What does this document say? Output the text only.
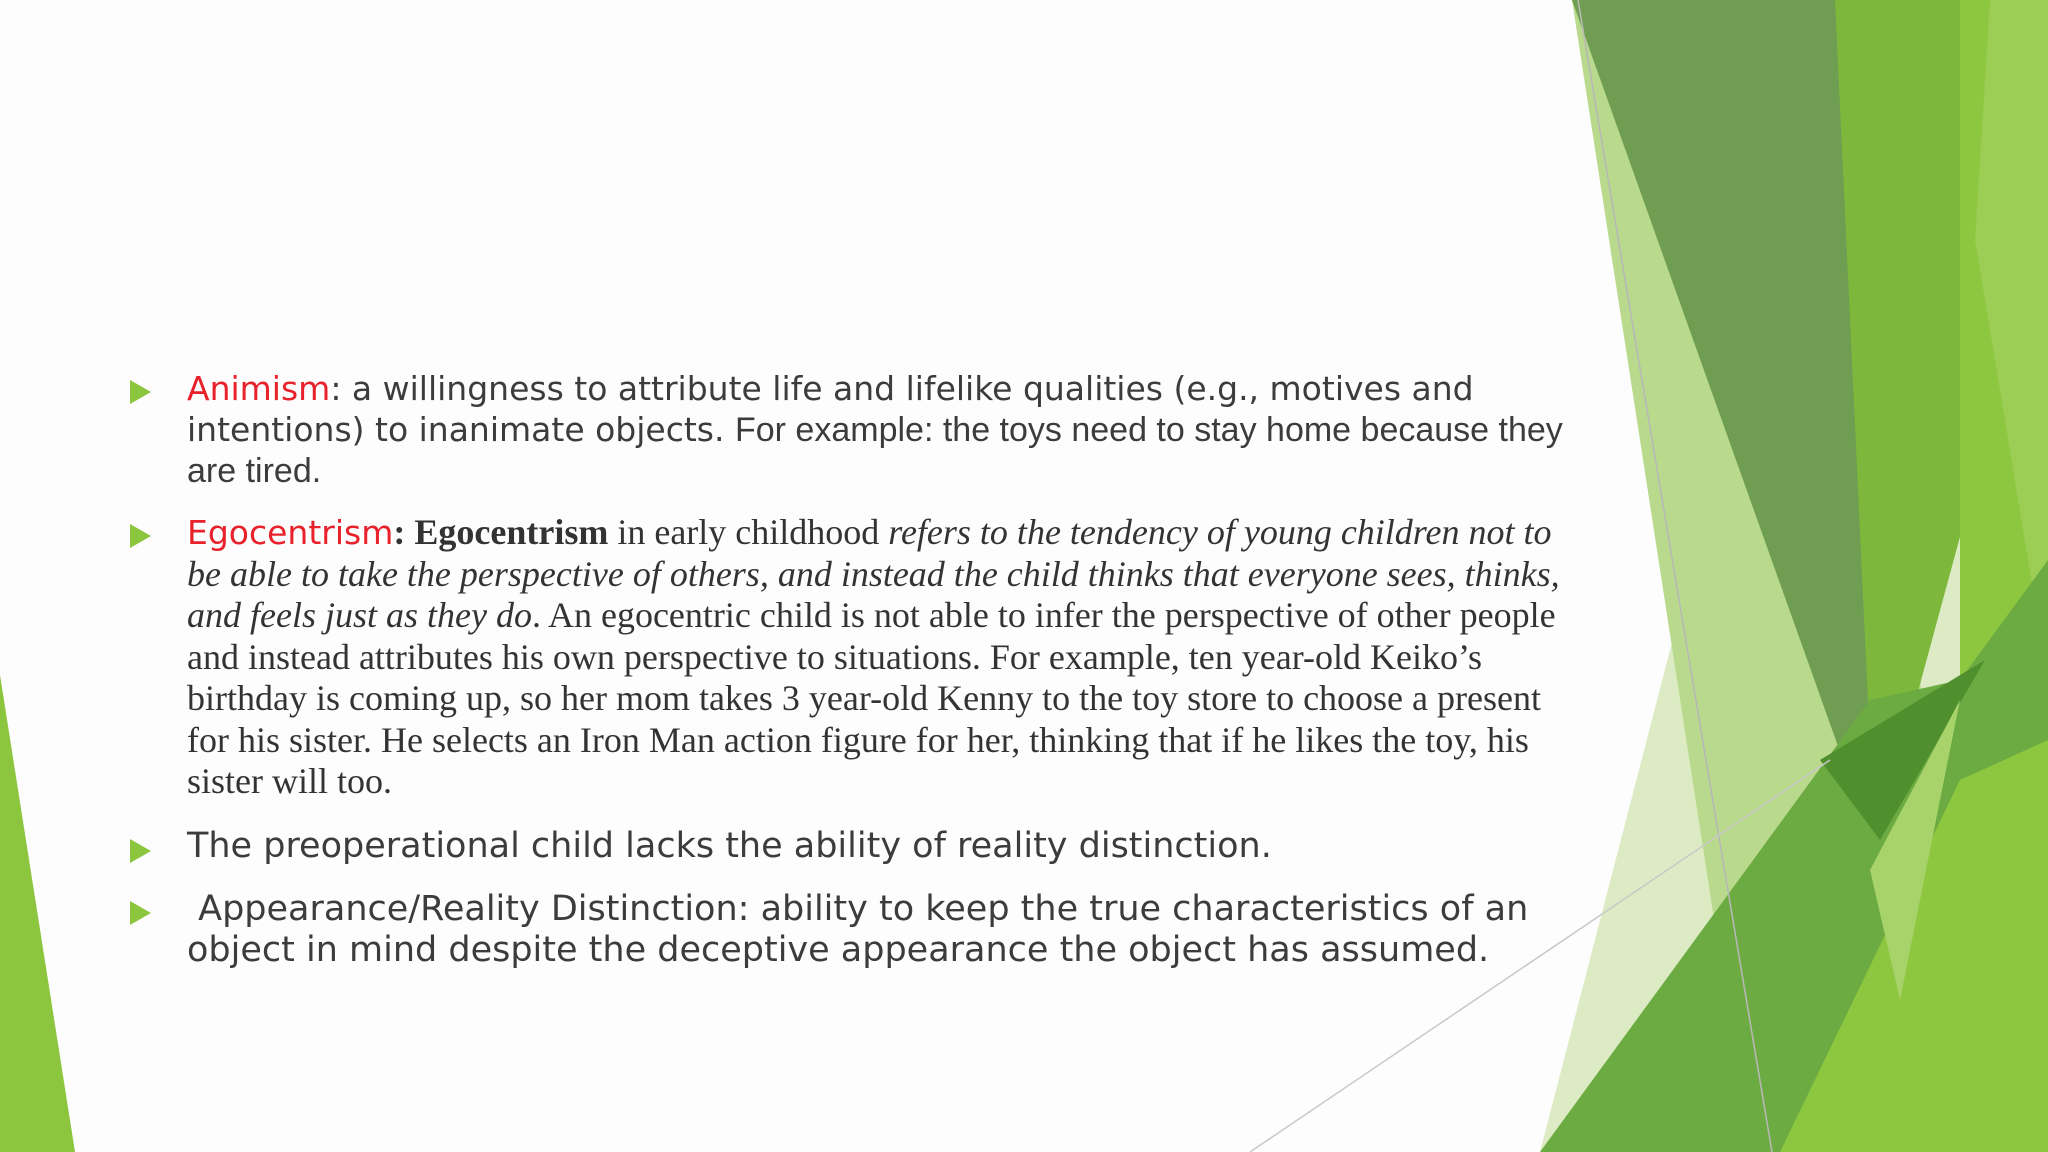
Animism: a willingness to attribute life and lifelike qualities (e.g., motives and intentions) to inanimate objects. For example: the toys need to stay home because they are tired.
Egocentrism: Egocentrism in early childhood refers to the tendency of young children not to be able to take the perspective of others, and instead the child thinks that everyone sees, thinks, and feels just as they do. An egocentric child is not able to infer the perspective of other people and instead attributes his own perspective to situations. For example, ten year-old Keiko’s birthday is coming up, so her mom takes 3 year-old Kenny to the toy store to choose a present for his sister. He selects an Iron Man action figure for her, thinking that if he likes the toy, his sister will too.
The preoperational child lacks the ability of reality distinction.
Appearance/Reality Distinction: ability to keep the true characteristics of an object in mind despite the deceptive appearance the object has assumed.
